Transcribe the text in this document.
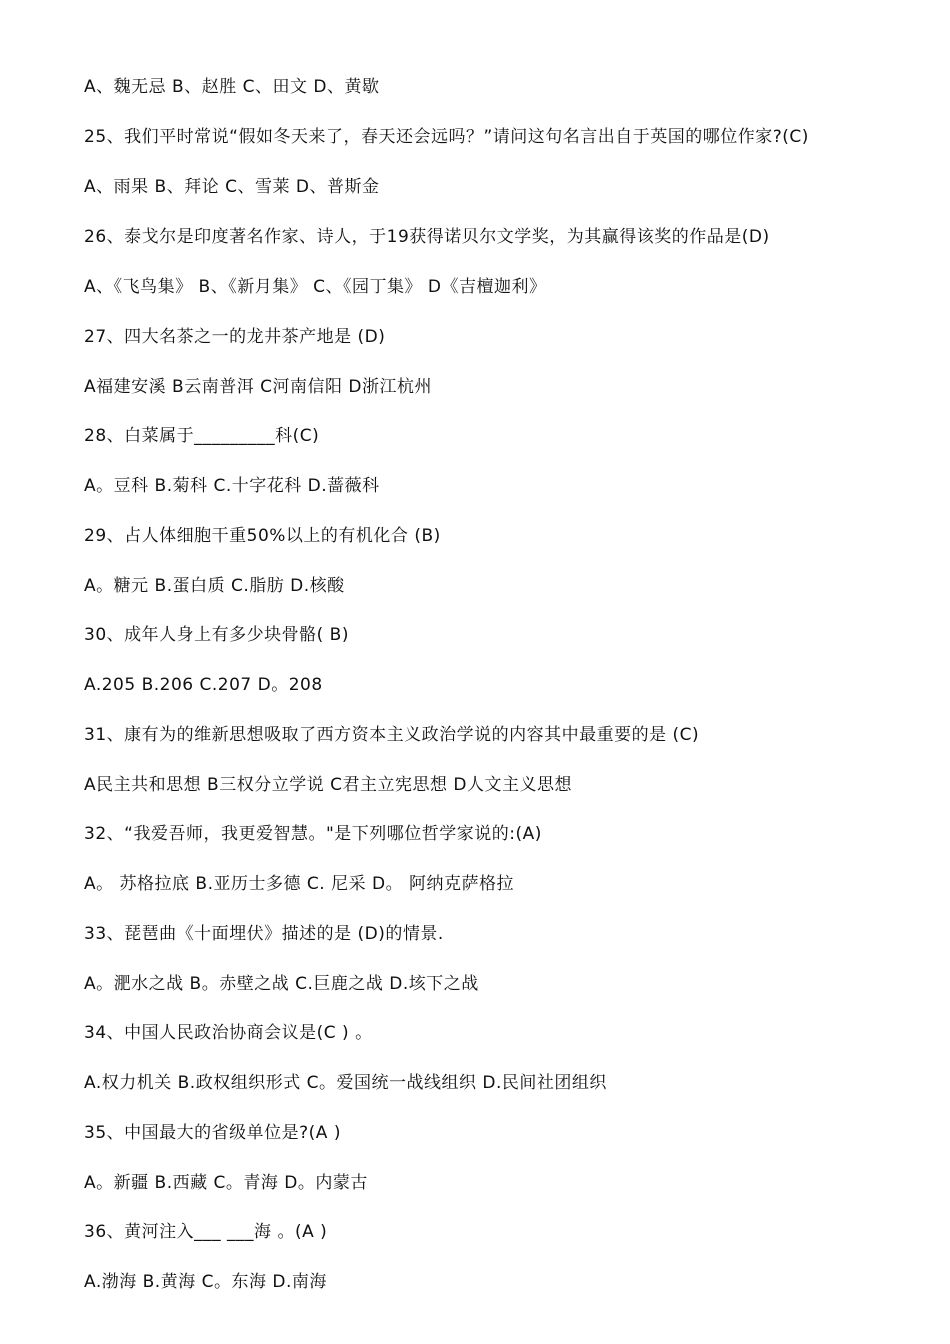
A、魏无忌 B、赵胜 C、田文 D、黄歇
25、我们平时常说“假如冬天来了，春天还会远吗？”请问这句名言出自于英国的哪位作家?(C)
A、雨果 B、拜论 C、雪莱 D、普斯金
26、泰戈尔是印度著名作家、诗人，于19获得诺贝尔文学奖，为其赢得该奖的作品是(D)
A、《飞鸟集》 B、《新月集》 C、《园丁集》 D《吉檀迦利》
27、四大名茶之一的龙井茶产地是 (D)
A福建安溪 B云南普洱 C河南信阳 D浙江杭州
28、白菜属于_________科(C)
A。豆科 B.菊科 C.十字花科 D.蔷薇科
29、占人体细胞干重50%以上的有机化合 (B)
A。糖元 B.蛋白质 C.脂肪 D.核酸
30、成年人身上有多少块骨骼( B)
A.205 B.206 C.207 D。208
31、康有为的维新思想吸取了西方资本主义政治学说的内容其中最重要的是 (C)
A民主共和思想 B三权分立学说 C君主立宪思想 D人文主义思想
32、“我爱吾师，我更爱智慧。"是下列哪位哲学家说的:(A)
A。 苏格拉底 B.亚历士多德 C. 尼采 D。 阿纳克萨格拉
33、琵琶曲《十面埋伏》描述的是 (D)的情景.
A。淝水之战 B。赤壁之战 C.巨鹿之战 D.垓下之战
34、中国人民政治协商会议是(C ) 。
A.权力机关 B.政权组织形式 C。爱国统一战线组织 D.民间社团组织
35、中国最大的省级单位是?(A )
A。新疆 B.西藏 C。青海 D。内蒙古
36、黄河注入___ ___海 。(A )
A.渤海 B.黄海 C。东海 D.南海
